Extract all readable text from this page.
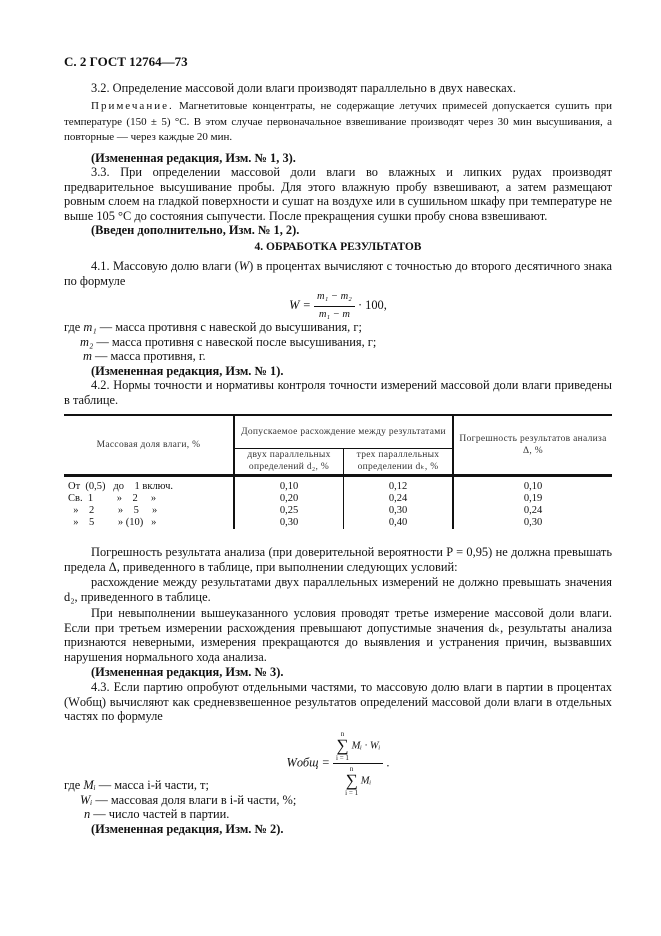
С. 2 ГОСТ 12764—73
3.2. Определение массовой доли влаги производят параллельно в двух навесках.
Примечание. Магнетитовые концентраты, не содержащие летучих примесей допускается сушить при температуре (150 ± 5) °С. В этом случае первоначальное взвешивание производят через 30 мин высушивания, а повторные — через каждые 20 мин.
(Измененная редакция, Изм. № 1, 3).
3.3. При определении массовой доли влаги во влажных и липких рудах производят предварительное высушивание пробы. Для этого влажную пробу взвешивают, а затем размещают ровным слоем на гладкой поверхности и сушат на воздухе или в сушильном шкафу при температуре не выше 105 °С до состояния сыпучести. После прекращения сушки пробу снова взвешивают.
(Введен дополнительно, Изм. № 1, 2).
4. ОБРАБОТКА РЕЗУЛЬТАТОВ
4.1. Массовую долю влаги (W) в процентах вычисляют с точностью до второго десятичного знака по формуле
$W = \frac{\text{m₁ − m₂}}{\text{m₁ − m}} \cdot 100$,
где m₁ — масса противня с навеской до высушивания, г;
m₂ — масса противня с навеской после высушивания, г;
m — масса противня, г.
(Измененная редакция, Изм. № 1).
4.2. Нормы точности и нормативы контроля точности измерений массовой доли влаги приведены в таблице.
Массовая доля влаги, %	Допускаемое расхождение между результатами		Погрешность результатов анализа Δ, %
	двух параллельных определений d₂, %	трех параллельных определении dₖ, %	

От  (0,5)   до    1 включ.	0,10	0,12	0,10
Св.  1         »    2     »	0,20	0,24	0,19
»    2         »    5     »	0,25	0,30	0,24
»    5         » (10)   »	0,30	0,40	0,30
Погрешность результата анализа (при доверительной вероятности P = 0,95) не должна превышать предела Δ, приведенного в таблице, при выполнении следующих условий:
расхождение между результатами двух параллельных измерений не должно превышать значения d₂, приведенного в таблице.
При невыполнении вышеуказанного условия проводят третье измерение массовой доли влаги. Если при третьем измерении расхождения превышают допустимые значения dₖ, результаты анализа признаются неверными, измерения прекращаются до выявления и устранения причин, вызвавших нарушения нормального хода анализа.
(Измененная редакция, Изм. № 3).
4.3. Если партию опробуют отдельными частями, то массовую долю влаги в партии в процентах (Wобщ) вычисляют как средневзвешенное результатов определений массовой доли влаги в отдельных частях по формуле
Wобщ = n
∑
i = 1
Mᵢ · Wᵢ
n
∑
i = 1
Mᵢ .
где Mᵢ — масса i-й части, т;
Wᵢ — массовая доля влаги в i-й части, %;
n — число частей в партии.
(Измененная редакция, Изм. № 2).
